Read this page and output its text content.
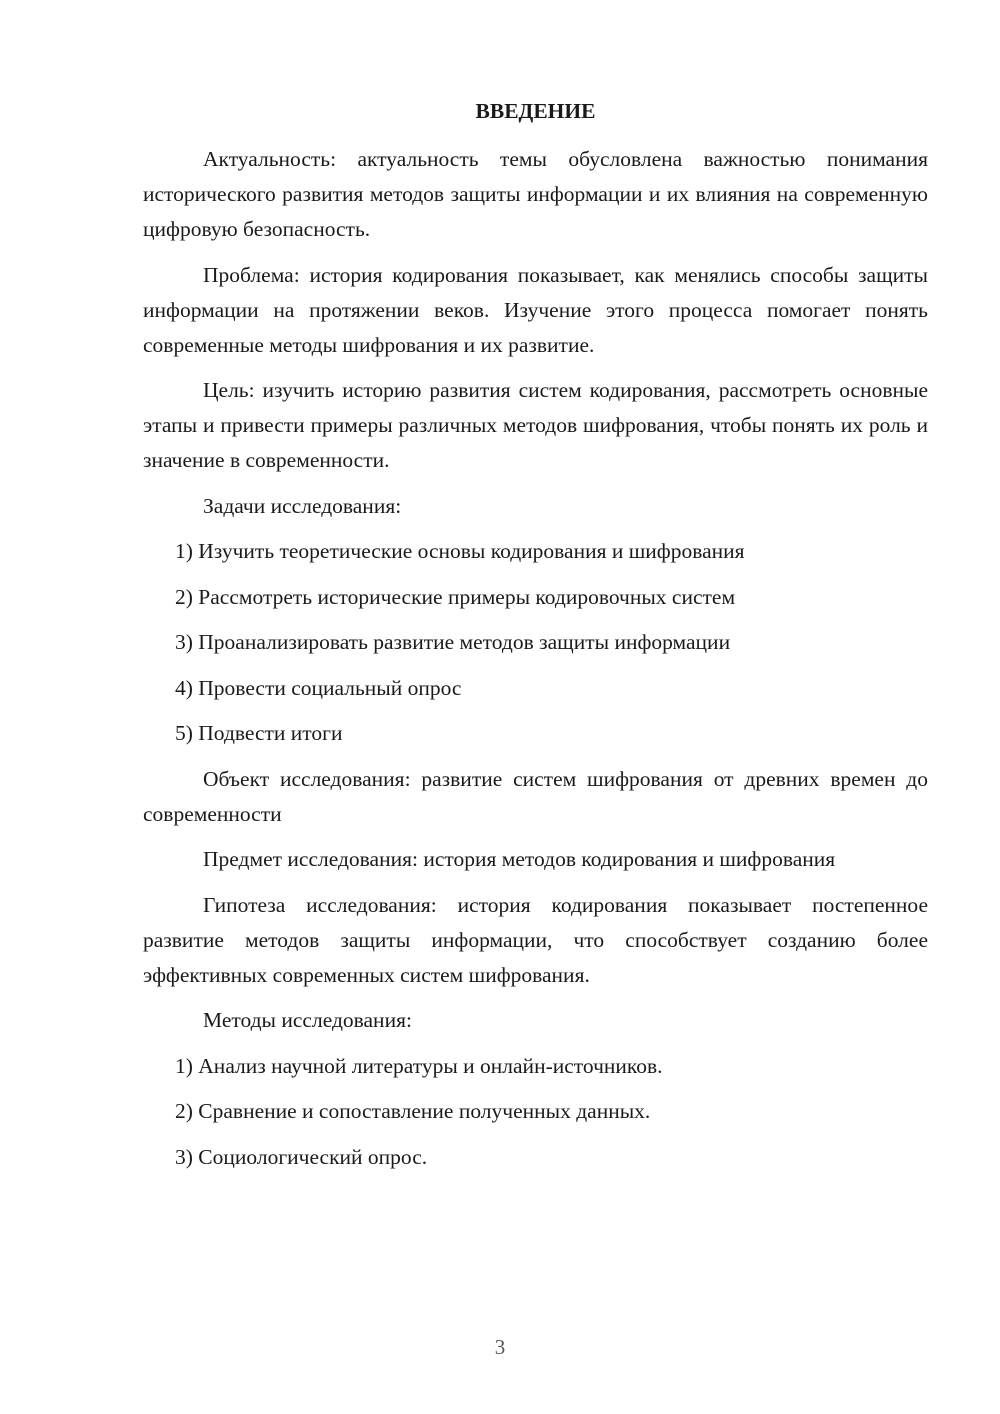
ВВЕДЕНИЕ

Актуальность: актуальность темы обусловлена важностью понимания исторического развития методов защиты информации и их влияния на современную цифровую безопасность.

Проблема: история кодирования показывает, как менялись способы защиты информации на протяжении веков. Изучение этого процесса помогает понять современные методы шифрования и их развитие.

Цель: изучить историю развития систем кодирования, рассмотреть основные этапы и привести примеры различных методов шифрования, чтобы понять их роль и значение в современности.

Задачи исследования:

1) Изучить теоретические основы кодирования и шифрования
2) Рассмотреть исторические примеры кодировочных систем
3) Проанализировать развитие методов защиты информации
4) Провести социальный опрос
5) Подвести итоги

Объект исследования: развитие систем шифрования от древних времен до современности

Предмет исследования: история методов кодирования и шифрования

Гипотеза исследования: история кодирования показывает постепенное развитие методов защиты информации, что способствует созданию более эффективных современных систем шифрования.

Методы исследования:

1) Анализ научной литературы и онлайн-источников.
2) Сравнение и сопоставление полученных данных.
3) Социологический опрос.
3
